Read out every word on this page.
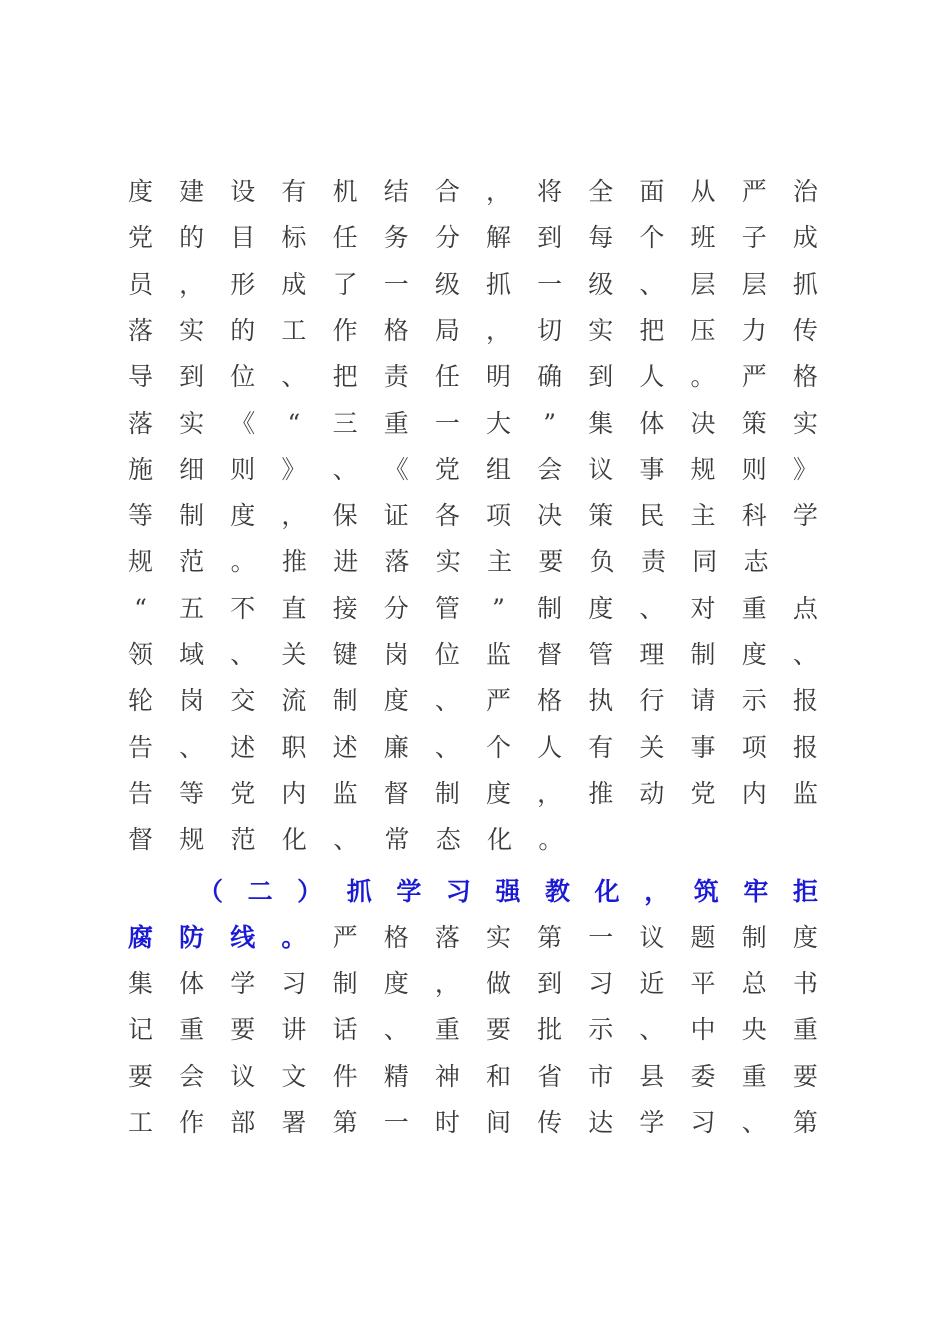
度 建 设 有 机 结 合 ， 将 全 面 从 严 治
党 的 目 标 任 务 分 解 到 每 个 班 子 成
员 ， 形 成 了 一 级 抓 一 级 、 层 层 抓
落 实 的 工 作 格 局 ， 切 实 把 压 力 传
导 到 位 、 把 责 任 明 确 到 人 。 严 格
落 实 《 “ 三 重 一 大 ” 集 体 决 策 实
施 细 则 》 、 《 党 组 会 议 事 规 则 》
等 制 度 ， 保 证 各 项 决 策 民 主 科 学
规 范 。 推 进 落 实 主 要 负 责 同 志
“ 五 不 直 接 分 管 ” 制 度 、 对 重 点
领 域 、 关 键 岗 位 监 督 管 理 制 度 、
轮 岗 交 流 制 度 、 严 格 执 行 请 示 报
告 、 述 职 述 廉 、 个 人 有 关 事 项 报
告 等 党 内 监 督 制 度 ， 推 动 党 内 监
督 规 范 化 、 常 态 化 。
（ 二 ） 抓 学 习 强 教 化 ， 筑 牢 拒
腐 防 线 。 严 格 落 实 第 一 议 题 制 度
集 体 学 习 制 度 ， 做 到 习 近 平 总 书
记 重 要 讲 话 、 重 要 批 示 、 中 央 重
要 会 议 文 件 精 神 和 省 市 县 委 重 要
工 作 部 署 第 一 时 间 传 达 学 习 、 第
